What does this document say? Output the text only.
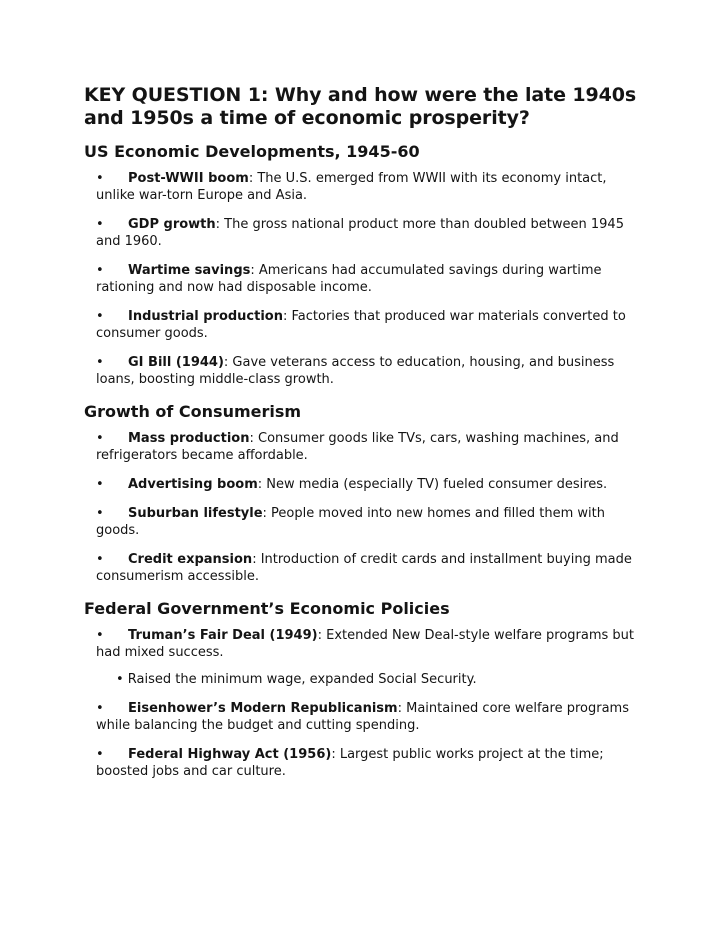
KEY QUESTION 1: Why and how were the late 1940s and 1950s a time of economic prosperity?
US Economic Developments, 1945-60
• Post-WWII boom: The U.S. emerged from WWII with its economy intact, unlike war-torn Europe and Asia.
• GDP growth: The gross national product more than doubled between 1945 and 1960.
• Wartime savings: Americans had accumulated savings during wartime rationing and now had disposable income.
• Industrial production: Factories that produced war materials converted to consumer goods.
• GI Bill (1944): Gave veterans access to education, housing, and business loans, boosting middle-class growth.
Growth of Consumerism
• Mass production: Consumer goods like TVs, cars, washing machines, and refrigerators became affordable.
• Advertising boom: New media (especially TV) fueled consumer desires.
• Suburban lifestyle: People moved into new homes and filled them with goods.
• Credit expansion: Introduction of credit cards and installment buying made consumerism accessible.
Federal Government’s Economic Policies
• Truman’s Fair Deal (1949): Extended New Deal-style welfare programs but had mixed success.
• Raised the minimum wage, expanded Social Security.
• Eisenhower’s Modern Republicanism: Maintained core welfare programs while balancing the budget and cutting spending.
• Federal Highway Act (1956): Largest public works project at the time; boosted jobs and car culture.
